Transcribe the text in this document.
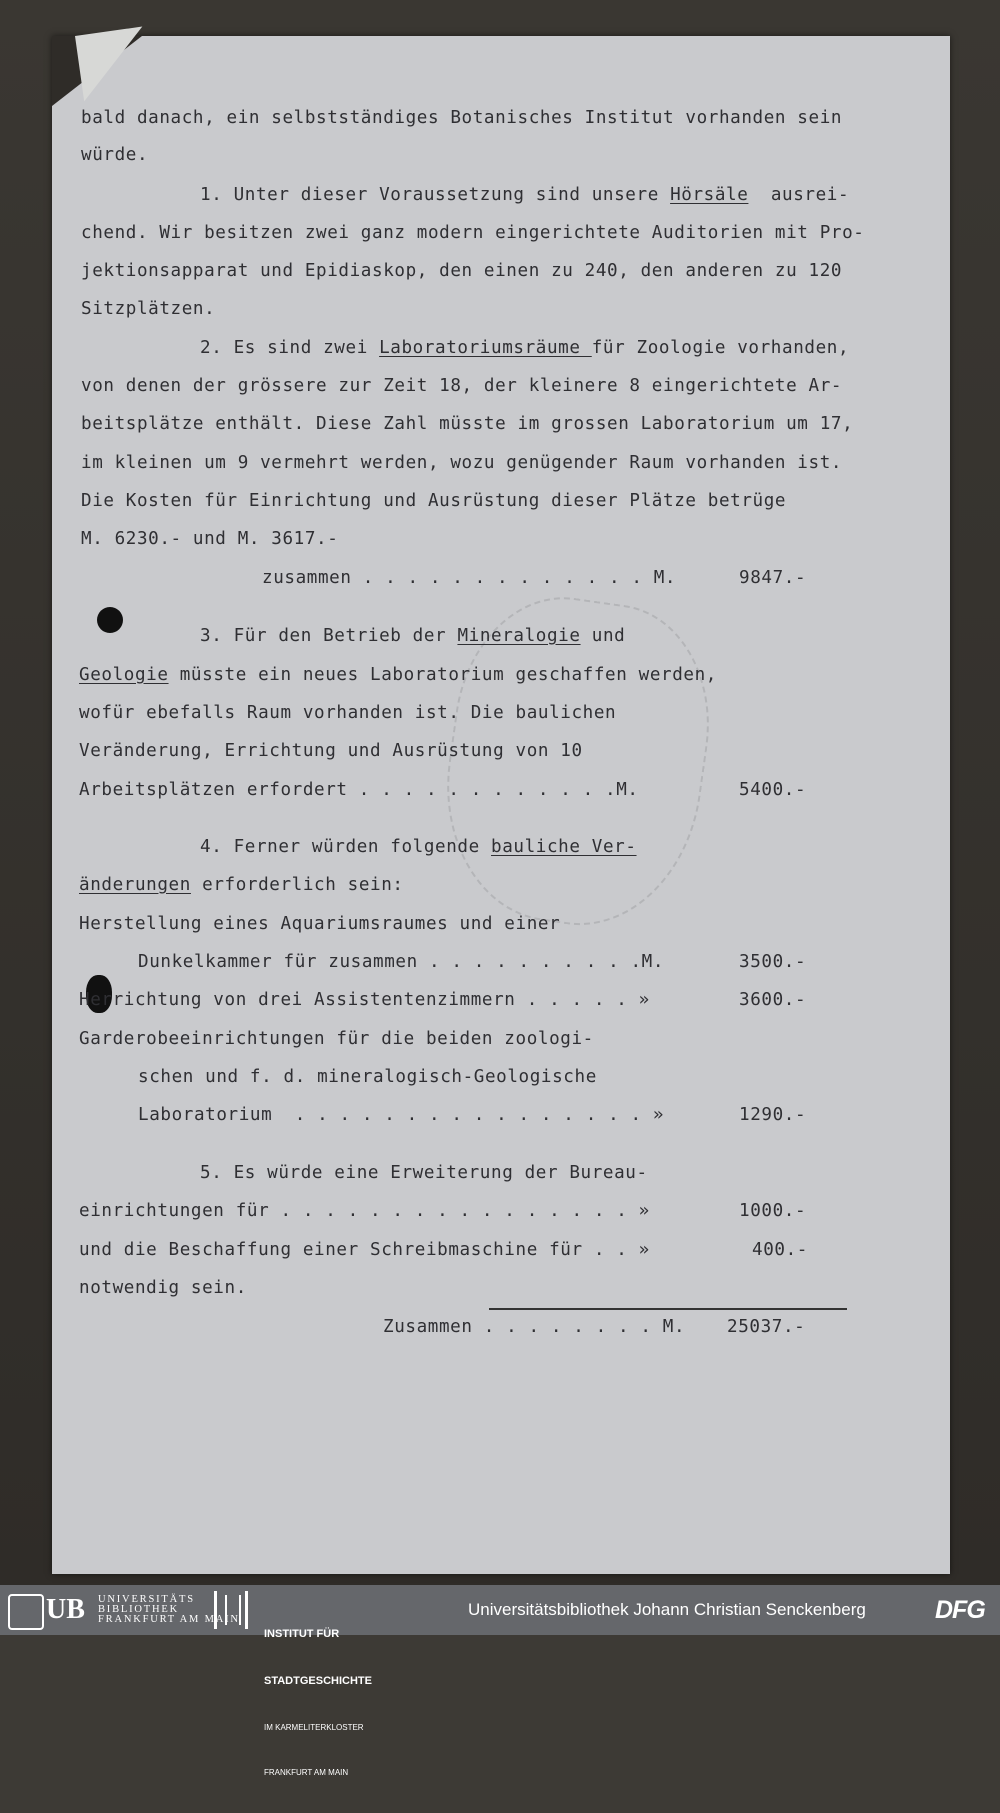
bald danach, ein selbstständiges Botanisches Institut vorhanden sein
würde.
1. Unter dieser Voraussetzung sind unsere Hörsäle  ausrei-
chend. Wir besitzen zwei ganz modern eingerichtete Auditorien mit Pro-
jektionsapparat und Epidiaskop, den einen zu 240, den anderen zu 120
Sitzplätzen.
2. Es sind zwei Laboratoriumsräume für Zoologie vorhanden,
von denen der grössere zur Zeit 18, der kleinere 8 eingerichtete Ar-
beitsplätze enthält. Diese Zahl müsste im grossen Laboratorium um 17,
im kleinen um 9 vermehrt werden, wozu genügender Raum vorhanden ist.
Die Kosten für Einrichtung und Ausrüstung dieser Plätze betrüge
M. 6230.- und M. 3617.-
zusammen . . . . . . . . . . . . . M.
3. Für den Betrieb der Mineralogie und
Geologie müsste ein neues Laboratorium geschaffen werden,
wofür ebefalls Raum vorhanden ist. Die baulichen
Veränderung, Errichtung und Ausrüstung von 10
Arbeitsplätzen erfordert . . . . . . . . . . . .M.
4. Ferner würden folgende bauliche Ver-
änderungen erforderlich sein:
Herstellung eines Aquariumsraumes und einer
Dunkelkammer für zusammen . . . . . . . . . .M.
Herrichtung von drei Assistentenzimmern . . . . . »
Garderobeeinrichtungen für die beiden zoologi-
schen und f. d. mineralogisch-Geologische
Laboratorium  . . . . . . . . . . . . . . . . »
5. Es würde eine Erweiterung der Bureau-
einrichtungen für . . . . . . . . . . . . . . . . »
und die Beschaffung einer Schreibmaschine für . . »
notwendig sein.
Zusammen . . . . . . . . M.
9847.-
5400.-
3500.-
3600.-
1290.-
1000.-
400.-
25037.-
UB UNIVERSITÄTS
BIBLIOTHEK
FRANKFURT AM MAIN

INSTITUT FÜR

STADTGESCHICHTE

IM KARMELITERKLOSTER

FRANKFURT AM MAIN

Universitätsbibliothek Johann Christian Senckenberg	DFG
